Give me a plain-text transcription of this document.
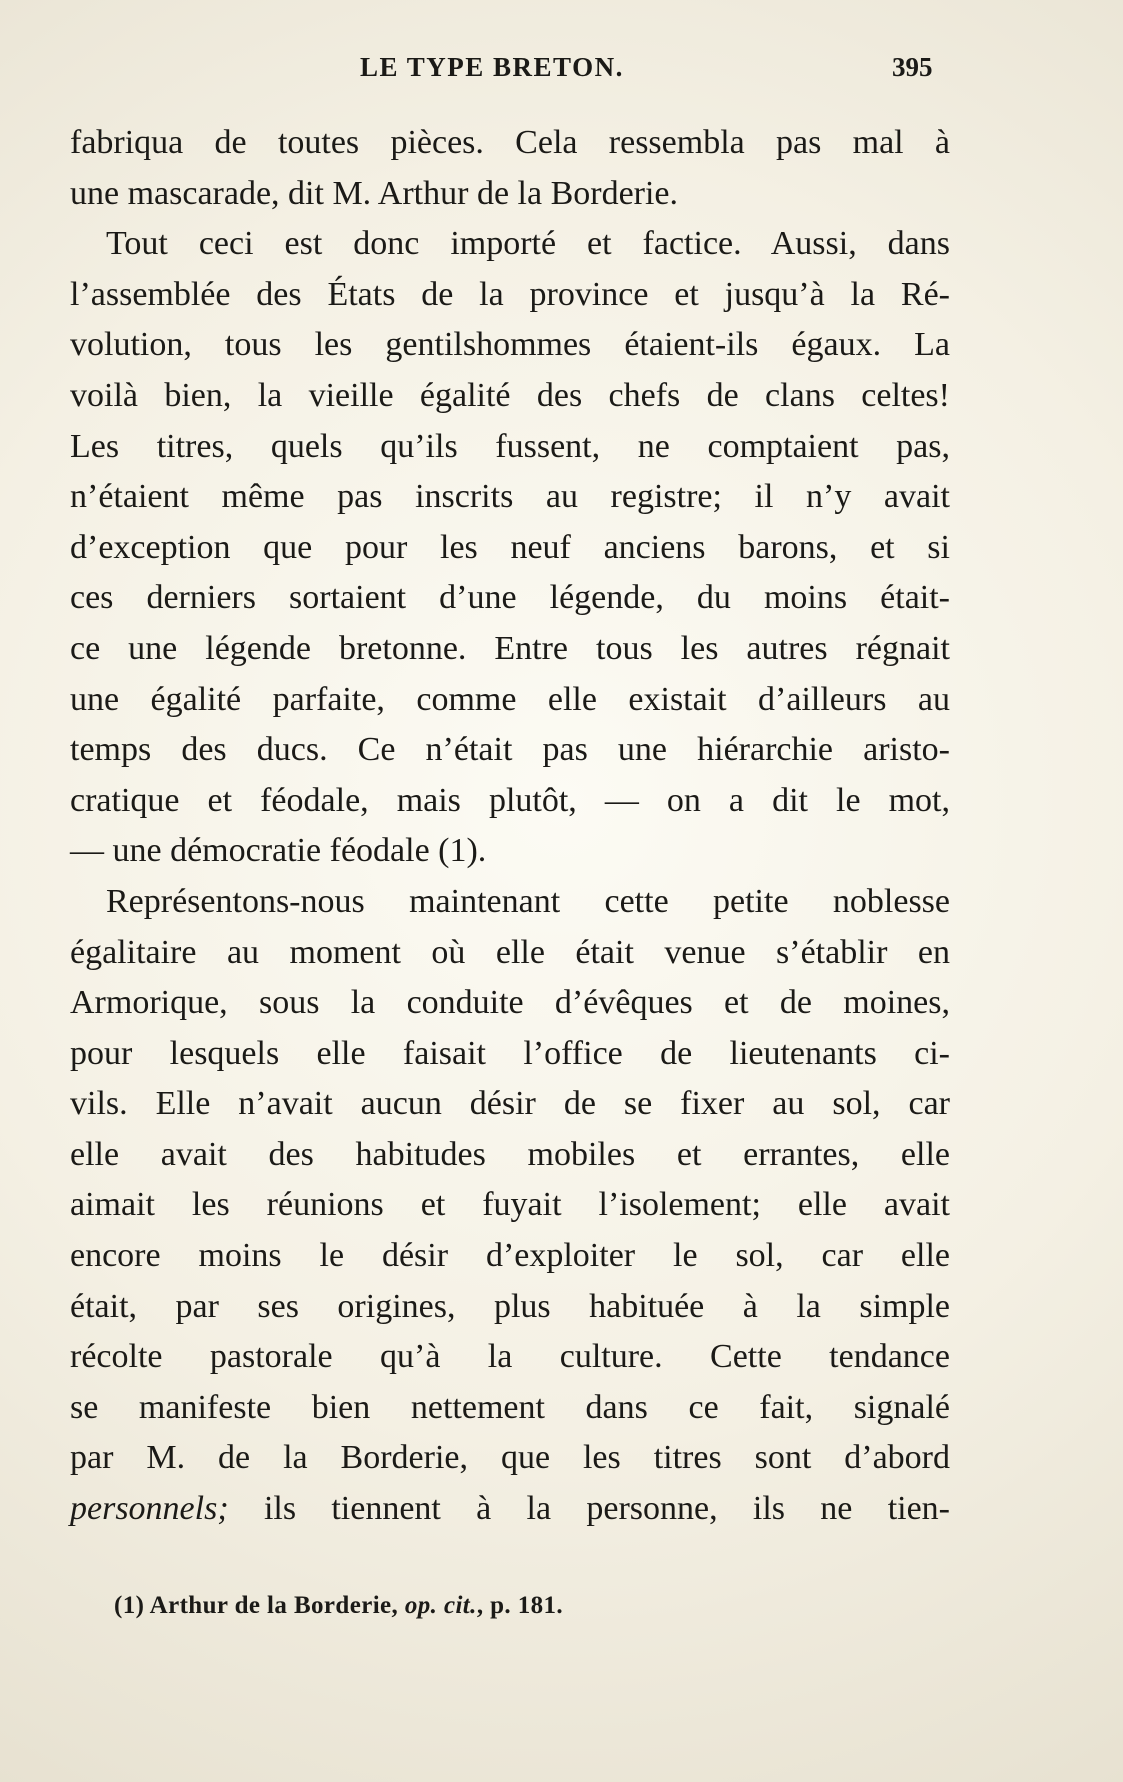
LE TYPE BRETON.	395
fabriqua de toutes pièces. Cela ressembla pas mal à
une mascarade, dit M. Arthur de la Borderie.
Tout ceci est donc importé et factice. Aussi, dans
l’assemblée des États de la province et jusqu’à la Ré-
volution, tous les gentilshommes étaient-ils égaux. La
voilà bien, la vieille égalité des chefs de clans celtes!
Les titres, quels qu’ils fussent, ne comptaient pas,
n’étaient même pas inscrits au registre; il n’y avait
d’exception que pour les neuf anciens barons, et si
ces derniers sortaient d’une légende, du moins était-
ce une légende bretonne. Entre tous les autres régnait
une égalité parfaite, comme elle existait d’ailleurs au
temps des ducs. Ce n’était pas une hiérarchie aristo-
cratique et féodale, mais plutôt, — on a dit le mot,
— une démocratie féodale (1).
Représentons-nous maintenant cette petite noblesse
égalitaire au moment où elle était venue s’établir en
Armorique, sous la conduite d’évêques et de moines,
pour lesquels elle faisait l’office de lieutenants ci-
vils. Elle n’avait aucun désir de se fixer au sol, car
elle avait des habitudes mobiles et errantes, elle
aimait les réunions et fuyait l’isolement; elle avait
encore moins le désir d’exploiter le sol, car elle
était, par ses origines, plus habituée à la simple
récolte pastorale qu’à la culture. Cette tendance
se manifeste bien nettement dans ce fait, signalé
par M. de la Borderie, que les titres sont d’abord
personnels; ils tiennent à la personne, ils ne tien-
(1) Arthur de la Borderie, op. cit., p. 181.
